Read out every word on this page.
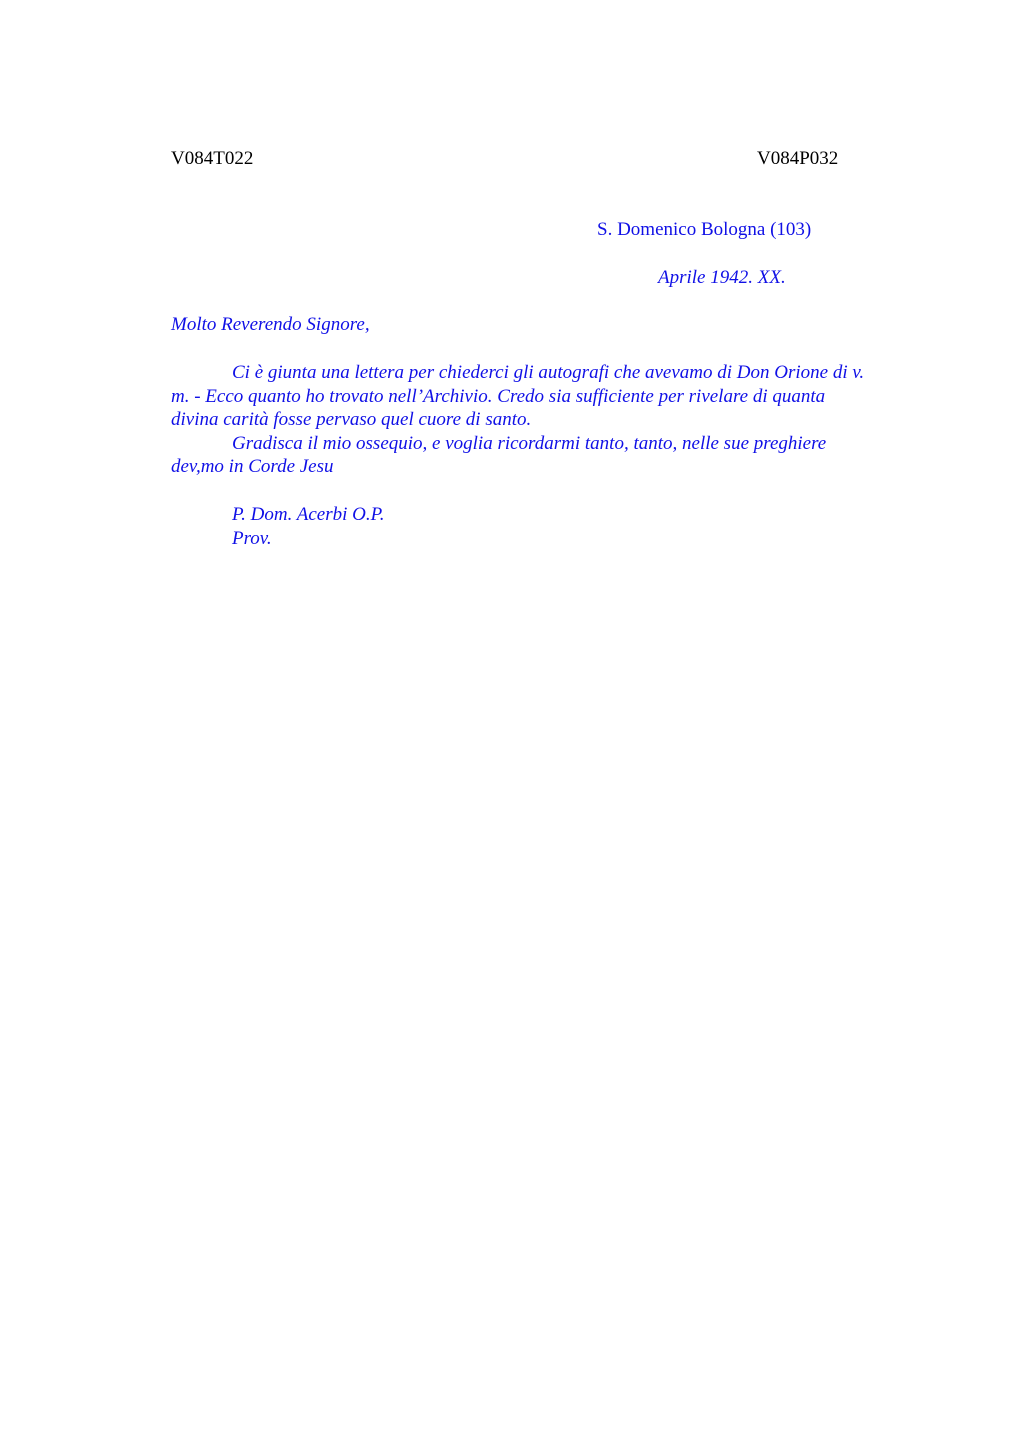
V084T022	V084P032
S. Domenico Bologna (103)
Aprile 1942. XX.
Molto Reverendo Signore,
Ci è giunta una lettera per chiederci gli autografi che avevamo di Don Orione di v.
m. - Ecco quanto ho trovato nell’Archivio. Credo sia sufficiente per rivelare di quanta
divina carità fosse pervaso quel cuore di santo.
Gradisca il mio ossequio, e voglia ricordarmi tanto, tanto, nelle sue preghiere
dev,mo in Corde Jesu
P. Dom. Acerbi O.P.
Prov.
